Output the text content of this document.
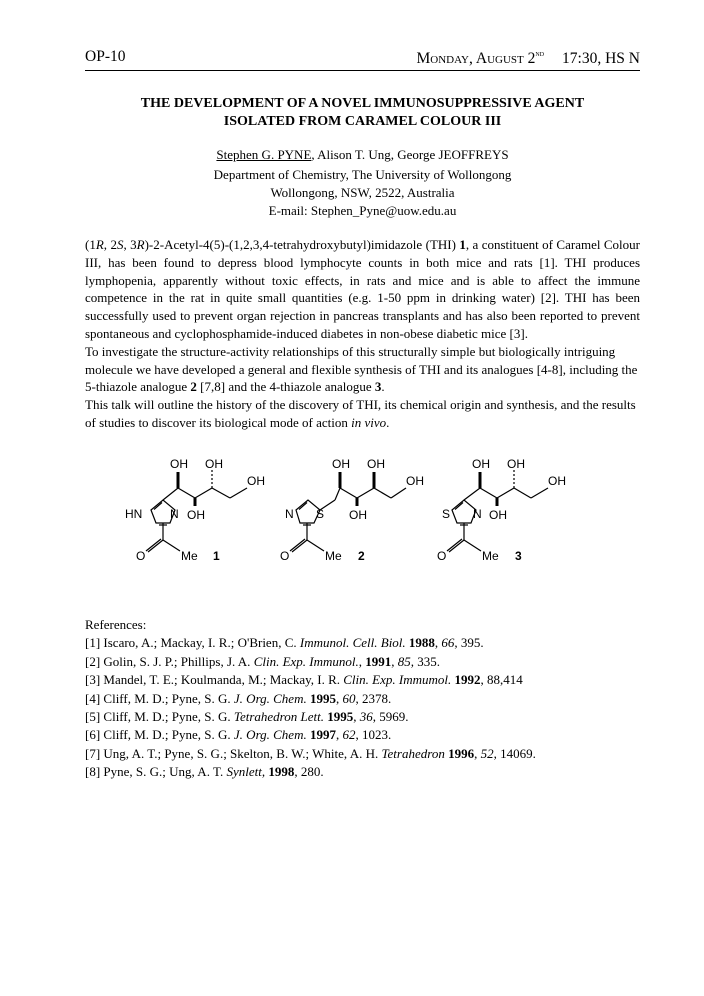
OP-10	Monday, August 2nd 17:30, HS N
THE DEVELOPMENT OF A NOVEL IMMUNOSUPPRESSIVE AGENT
ISOLATED FROM CARAMEL COLOUR III
Stephen G. PYNE, Alison T. Ung, George JEOFFREYS
Department of Chemistry, The University of Wollongong
Wollongong, NSW, 2522, Australia
E-mail: Stephen_Pyne@uow.edu.au

(1R, 2S, 3R)-2-Acetyl-4(5)-(1,2,3,4-tetrahydroxybutyl)imidazole (THI) 1, a constituent of Caramel Colour III, has been found to depress blood lymphocyte counts in both mice and rats [1]. THI produces lymphopenia, apparently without toxic effects, in rats and mice and is able to affect the immune competence in the rat in quite small quantities (e.g. 1-50 ppm in drinking water) [2]. THI has been successfully used to prevent organ rejection in pancreas transplants and has also been reported to prevent spontaneous and cyclophosphamide-induced diabetes in non-obese diabetic mice [3].

To investigate the structure-activity relationships of this structurally simple but biologically intriguing molecule we have developed a general and flexible synthesis of THI and its analogues [4-8], including the 5-thiazole analogue 2 [7,8] and the 4-thiazole analogue 3.

This talk will outline the history of the discovery of THI, its chemical origin and synthesis, and the results of studies to discover its biological mode of action in vivo.

OH OH
OH
OH
HN N
O	Me 1
OH OH
OH
OH
N S
O	Me 2
OH OH
OH
OH
S N
O	Me 3
References:
[1] Iscaro, A.; Mackay, I. R.; O'Brien, C. Immunol. Cell. Biol. 1988, 66, 395.
[2] Golin, S. J. P.; Phillips, J. A. Clin. Exp. Immunol., 1991, 85, 335.
[3] Mandel, T. E.; Koulmanda, M.; Mackay, I. R. Clin. Exp. Immumol. 1992, 88,414
[4] Cliff, M. D.; Pyne, S. G. J. Org. Chem. 1995, 60, 2378.
[5] Cliff, M. D.; Pyne, S. G. Tetrahedron Lett. 1995, 36, 5969.
[6] Cliff, M. D.; Pyne, S. G. J. Org. Chem. 1997, 62, 1023.
[7] Ung, A. T.; Pyne, S. G.; Skelton, B. W.; White, A. H. Tetrahedron 1996, 52, 14069.
[8] Pyne, S. G.; Ung, A. T. Synlett, 1998, 280.
